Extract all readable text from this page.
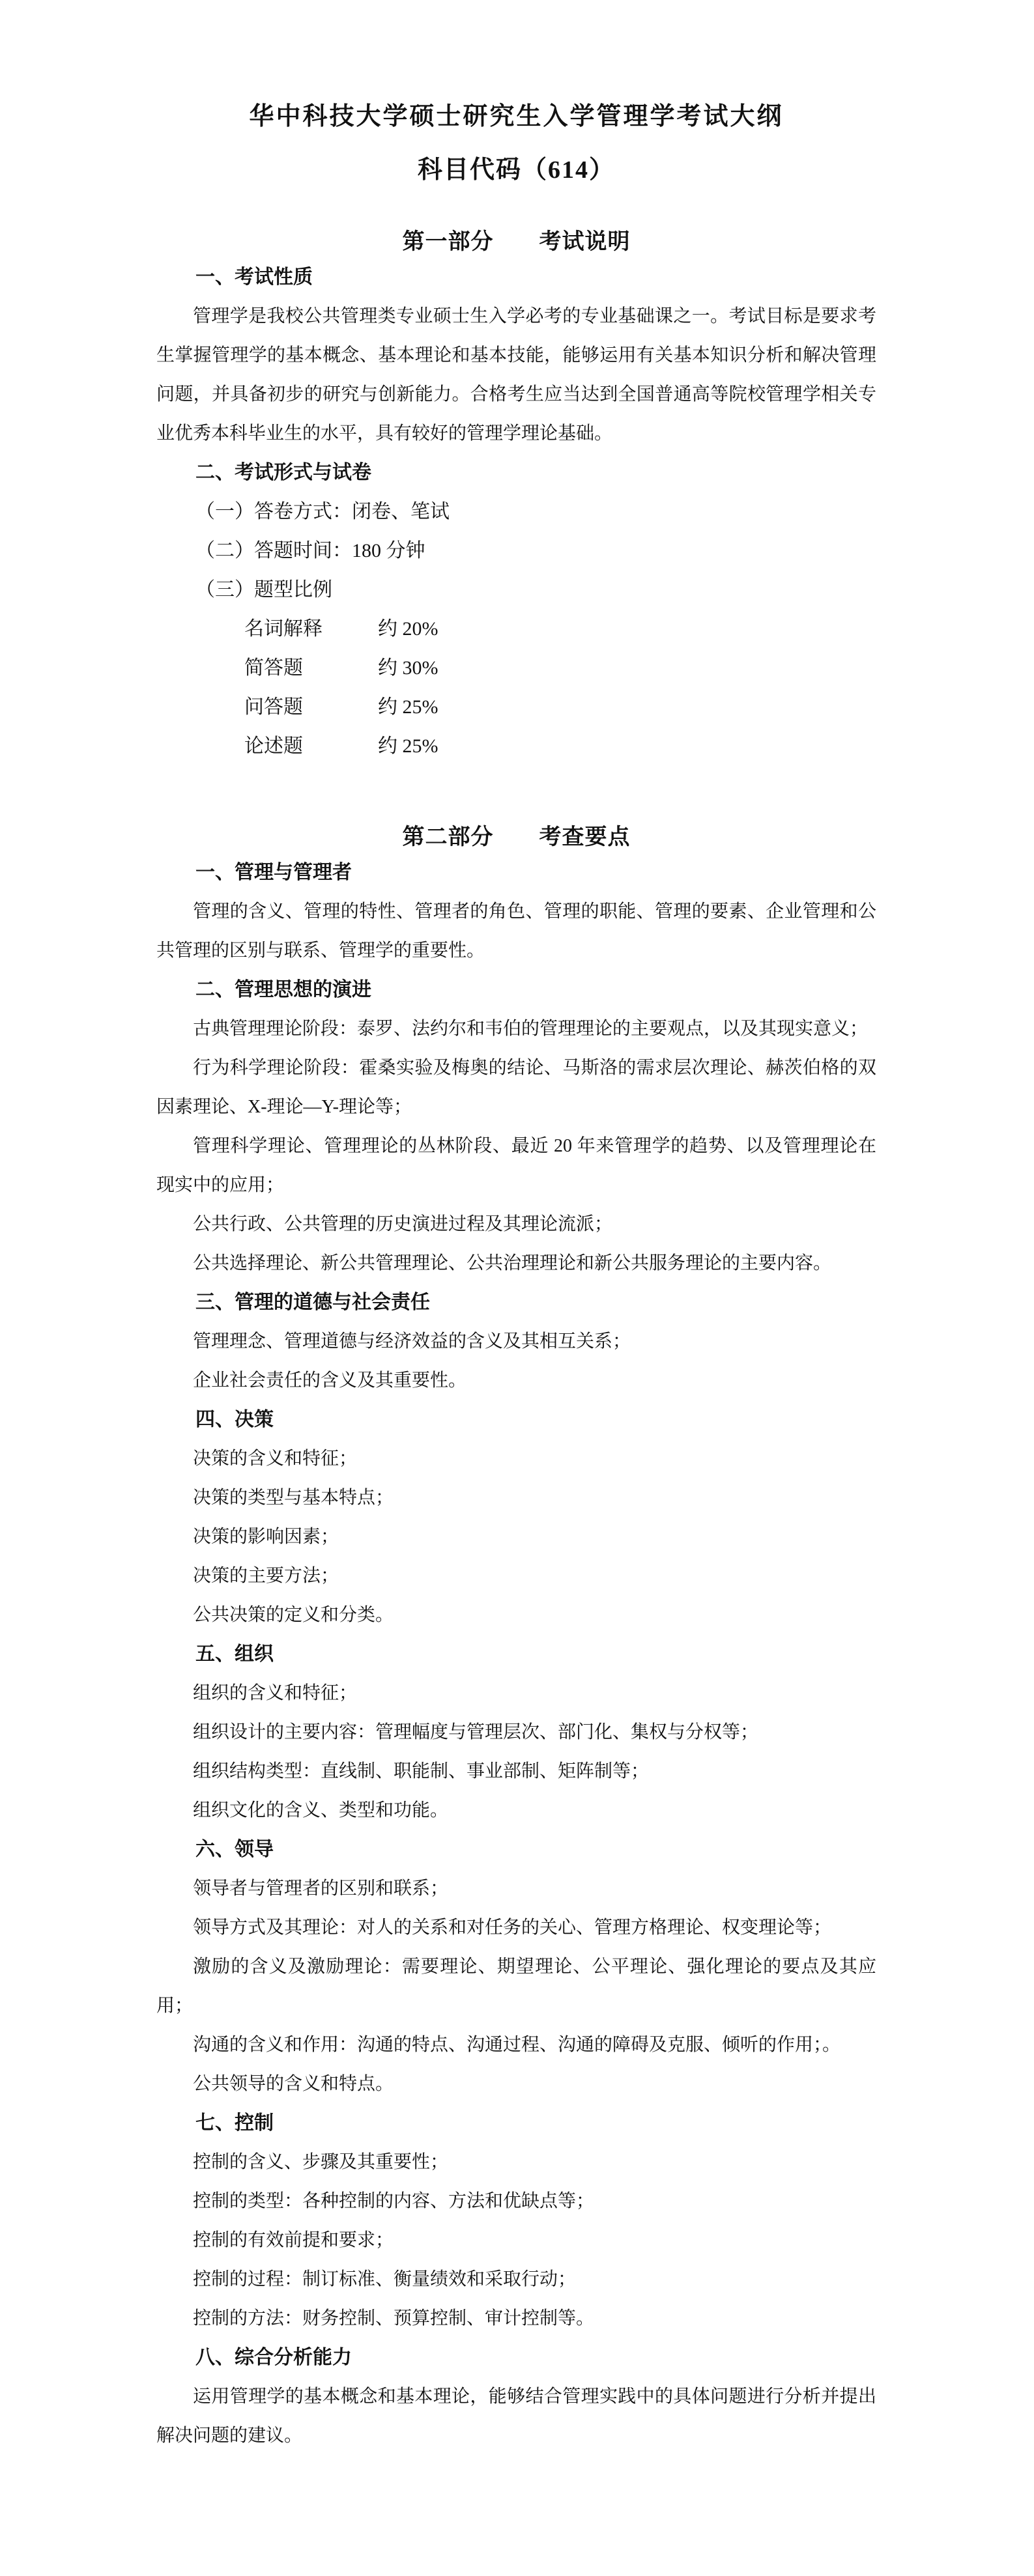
华中科技大学硕士研究生入学管理学考试大纲
科目代码（614）
第一部分　　考试说明

一、考试性质

管理学是我校公共管理类专业硕士生入学必考的专业基础课之一。考试目标是要求考生掌握管理学的基本概念、基本理论和基本技能，能够运用有关基本知识分析和解决管理问题，并具备初步的研究与创新能力。合格考生应当达到全国普通高等院校管理学相关专业优秀本科毕业生的水平，具有较好的管理学理论基础。

二、考试形式与试卷

（一）答卷方式：闭卷、笔试

（二）答题时间：180 分钟

（三）题型比例

名词解释	约 20%
简答题	约 30%
问答题	约 25%
论述题	约 25%
第二部分　　考查要点

一、管理与管理者

管理的含义、管理的特性、管理者的角色、管理的职能、管理的要素、企业管理和公共管理的区别与联系、管理学的重要性。

二、管理思想的演进

古典管理理论阶段：泰罗、法约尔和韦伯的管理理论的主要观点，以及其现实意义；

行为科学理论阶段：霍桑实验及梅奥的结论、马斯洛的需求层次理论、赫茨伯格的双因素理论、X-理论—Y-理论等；

管理科学理论、管理理论的丛林阶段、最近 20 年来管理学的趋势、以及管理理论在现实中的应用；

公共行政、公共管理的历史演进过程及其理论流派；

公共选择理论、新公共管理理论、公共治理理论和新公共服务理论的主要内容。

三、管理的道德与社会责任

管理理念、管理道德与经济效益的含义及其相互关系；

企业社会责任的含义及其重要性。

四、决策

决策的含义和特征；

决策的类型与基本特点；

决策的影响因素；

决策的主要方法；

公共决策的定义和分类。

五、组织

组织的含义和特征；

组织设计的主要内容：管理幅度与管理层次、部门化、集权与分权等；

组织结构类型：直线制、职能制、事业部制、矩阵制等；

组织文化的含义、类型和功能。

六、领导

领导者与管理者的区别和联系；

领导方式及其理论：对人的关系和对任务的关心、管理方格理论、权变理论等；

激励的含义及激励理论：需要理论、期望理论、公平理论、强化理论的要点及其应用；

沟通的含义和作用：沟通的特点、沟通过程、沟通的障碍及克服、倾听的作用；。

公共领导的含义和特点。

七、控制

控制的含义、步骤及其重要性；

控制的类型：各种控制的内容、方法和优缺点等；

控制的有效前提和要求；

控制的过程：制订标准、衡量绩效和采取行动；

控制的方法：财务控制、预算控制、审计控制等。

八、综合分析能力

运用管理学的基本概念和基本理论，能够结合管理实践中的具体问题进行分析并提出解决问题的建议。
